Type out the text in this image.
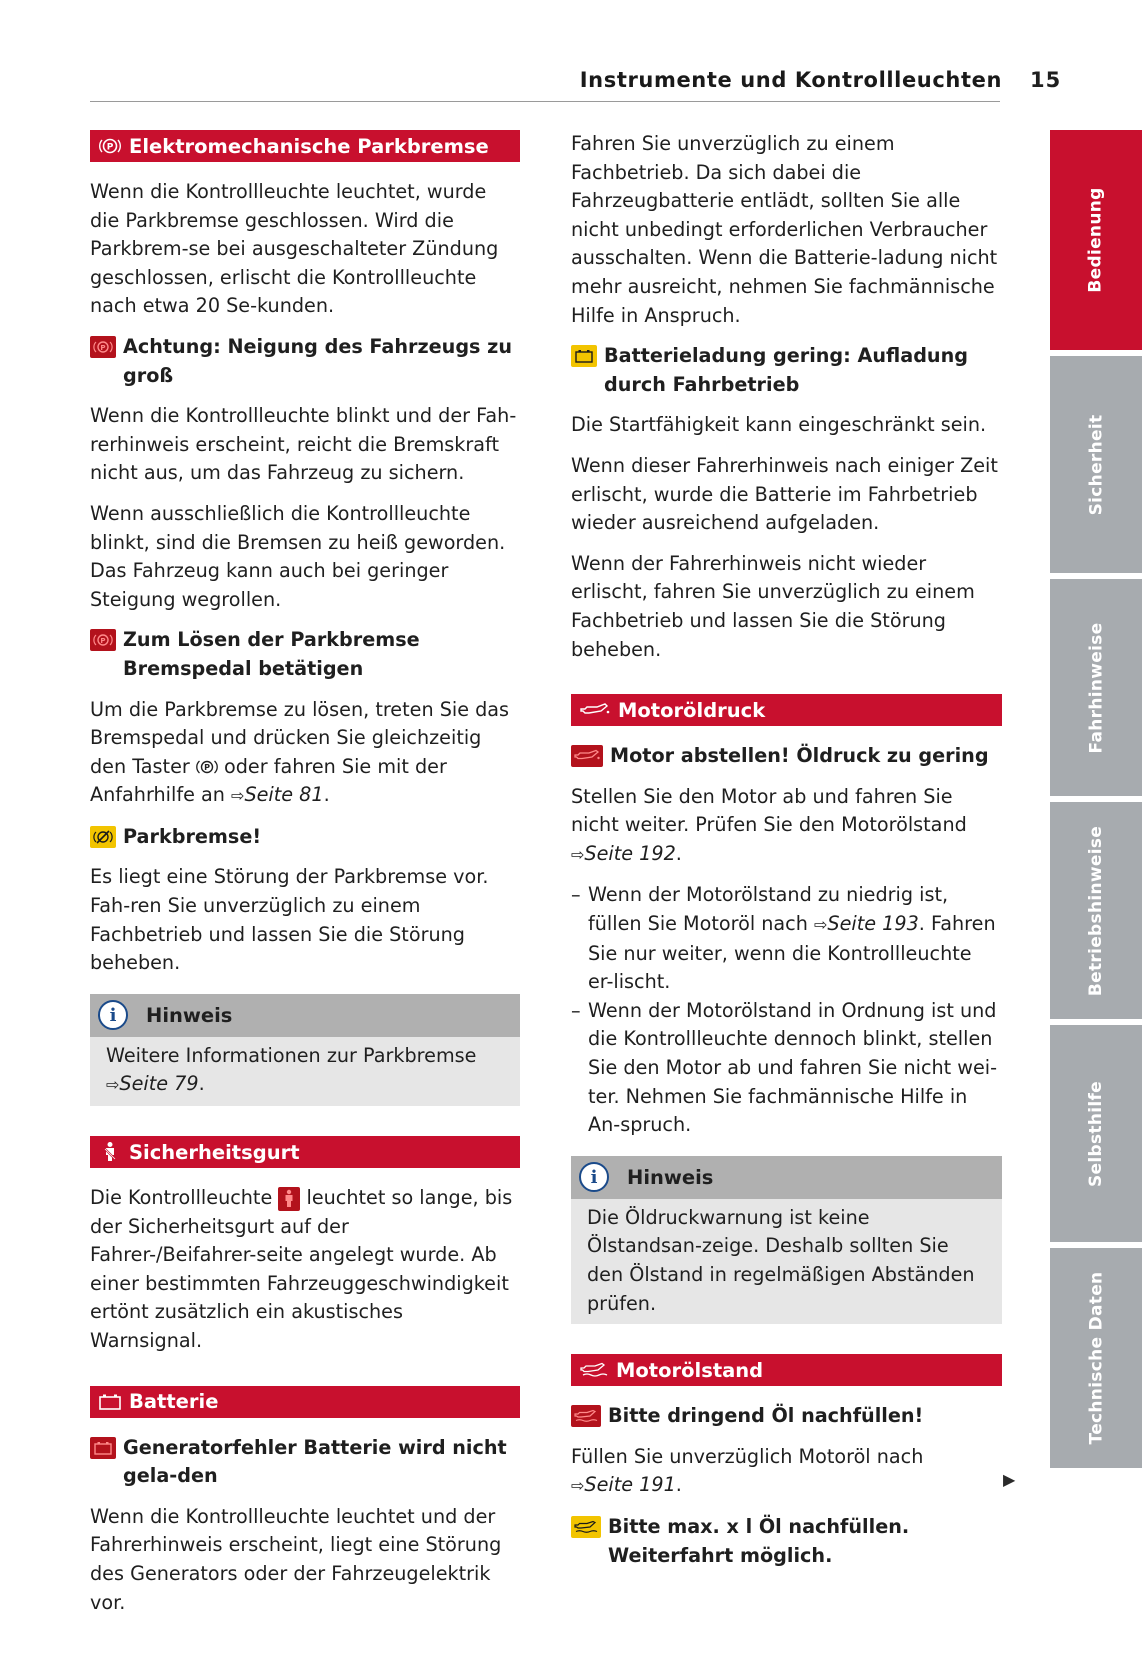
Instrumente und Kontrollleuchten 15
P Elektromechanische Parkbremse

Wenn die Kontrollleuchte leuchtet, wurde die Parkbremse geschlossen. Wird die Parkbrem-se bei ausgeschalteter Zündung geschlossen, erlischt die Kontrollleuchte nach etwa 20 Se-kunden.

P Achtung: Neigung des Fahrzeugs zu groß

Wenn die Kontrollleuchte blinkt und der Fah-rerhinweis erscheint, reicht die Bremskraft nicht aus, um das Fahrzeug zu sichern.

Wenn ausschließlich die Kontrollleuchte blinkt, sind die Bremsen zu heiß geworden. Das Fahrzeug kann auch bei geringer Steigung wegrollen.

P Zum Lösen der Parkbremse Bremspedal betätigen

Um die Parkbremse zu lösen, treten Sie das Bremspedal und drücken Sie gleichzeitig den Taster P oder fahren Sie mit der Anfahrhilfe an ⇨Seite 81.

Parkbremse!

Es liegt eine Störung der Parkbremse vor. Fah-ren Sie unverzüglich zu einem Fachbetrieb und lassen Sie die Störung beheben.

i	Hinweis

Weitere Informationen zur Parkbremse
⇨Seite 79.

Sicherheitsgurt

Die Kontrollleuchte leuchtet so lange, bis der Sicherheitsgurt auf der Fahrer-/Beifahrer-seite angelegt wurde. Ab einer bestimmten Fahrzeuggeschwindigkeit ertönt zusätzlich ein akustisches Warnsignal.

Batterie
Generatorfehler Batterie wird nicht gela-den

Wenn die Kontrollleuchte leuchtet und der Fahrerhinweis erscheint, liegt eine Störung des Generators oder der Fahrzeugelektrik vor.

Fahren Sie unverzüglich zu einem Fachbetrieb. Da sich dabei die Fahrzeugbatterie entlädt, sollten Sie alle nicht unbedingt erforderlichen Verbraucher ausschalten. Wenn die Batterie-ladung nicht mehr ausreicht, nehmen Sie fachmännische Hilfe in Anspruch.

Batterieladung gering: Aufladung durch Fahrbetrieb

Die Startfähigkeit kann eingeschränkt sein.

Wenn dieser Fahrerhinweis nach einiger Zeit erlischt, wurde die Batterie im Fahrbetrieb wieder ausreichend aufgeladen.

Wenn der Fahrerhinweis nicht wieder erlischt, fahren Sie unverzüglich zu einem Fachbetrieb und lassen Sie die Störung beheben.

Motoröldruck
Motor abstellen! Öldruck zu gering

Stellen Sie den Motor ab und fahren Sie nicht weiter. Prüfen Sie den Motorölstand
⇨Seite 192.

– Wenn der Motorölstand zu niedrig ist, füllen Sie Motoröl nach ⇨Seite 193. Fahren Sie nur weiter, wenn die Kontrollleuchte er-lischt.
– Wenn der Motorölstand in Ordnung ist und die Kontrollleuchte dennoch blinkt, stellen Sie den Motor ab und fahren Sie nicht wei-ter. Nehmen Sie fachmännische Hilfe in An-spruch.
i	Hinweis

Die Öldruckwarnung ist keine Ölstandsan-zeige. Deshalb sollten Sie den Ölstand in regelmäßigen Abständen prüfen.

Motorölstand
Bitte dringend Öl nachfüllen!

Füllen Sie unverzüglich Motoröl nach
⇨Seite 191.

Bitte max. x l Öl nachfüllen. Weiterfahrt möglich.
▶
Bedienung
Sicherheit
Fahrhinweise
Betriebshinweise
Selbsthilfe
Technische Daten
